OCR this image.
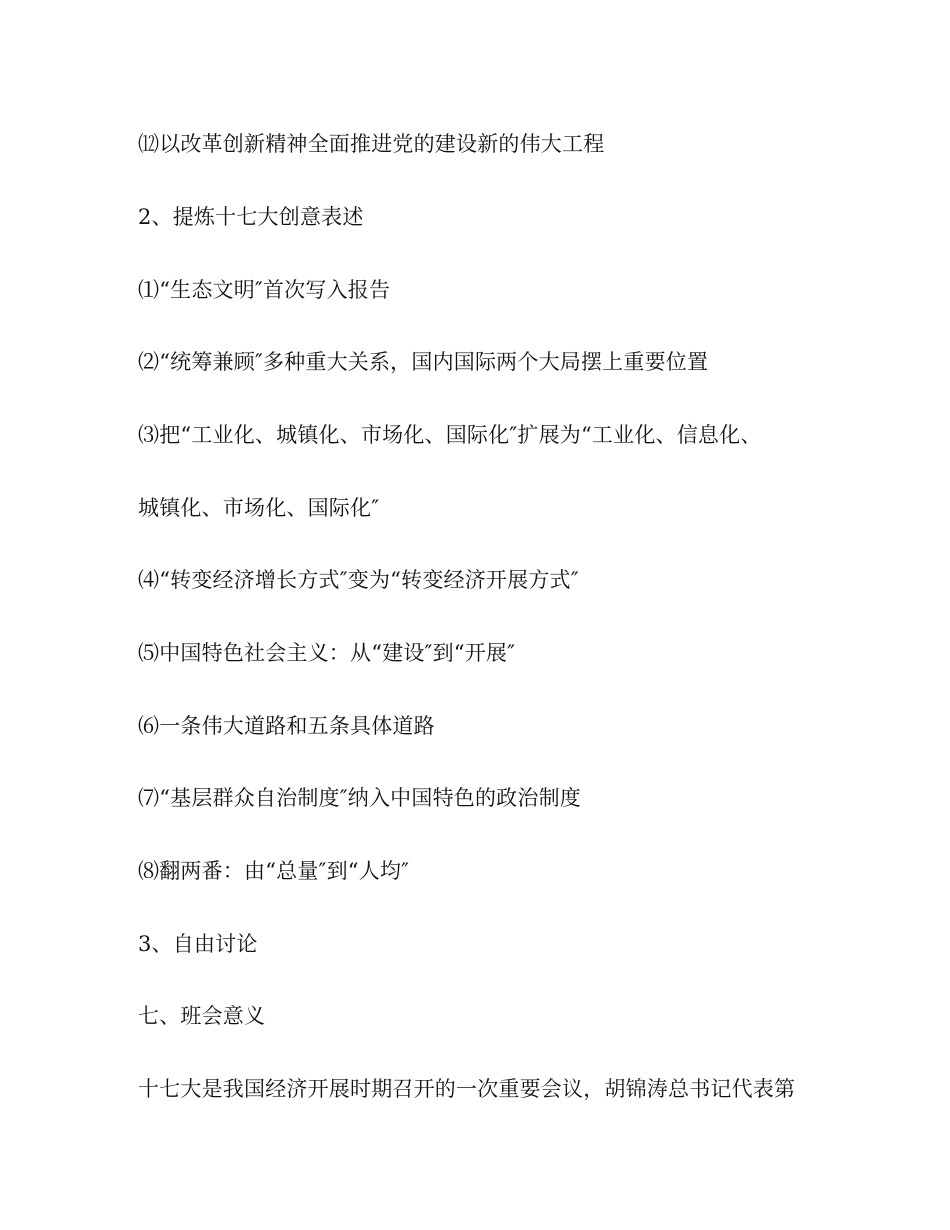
⑿以改革创新精神全面推进党的建设新的伟大工程
2、提炼十七大创意表述
⑴“生态文明″首次写入报告
⑵“统筹兼顾″多种重大关系，国内国际两个大局摆上重要位置
⑶把“工业化、城镇化、市场化、国际化″扩展为“工业化、信息化、
城镇化、市场化、国际化″
⑷“转变经济增长方式″变为“转变经济开展方式″
⑸中国特色社会主义：从“建设″到“开展″
⑹一条伟大道路和五条具体道路
⑺“基层群众自治制度″纳入中国特色的政治制度
⑻翻两番：由“总量″到“人均″
3、自由讨论
七、班会意义
十七大是我国经济开展时期召开的一次重要会议，胡锦涛总书记代表第
